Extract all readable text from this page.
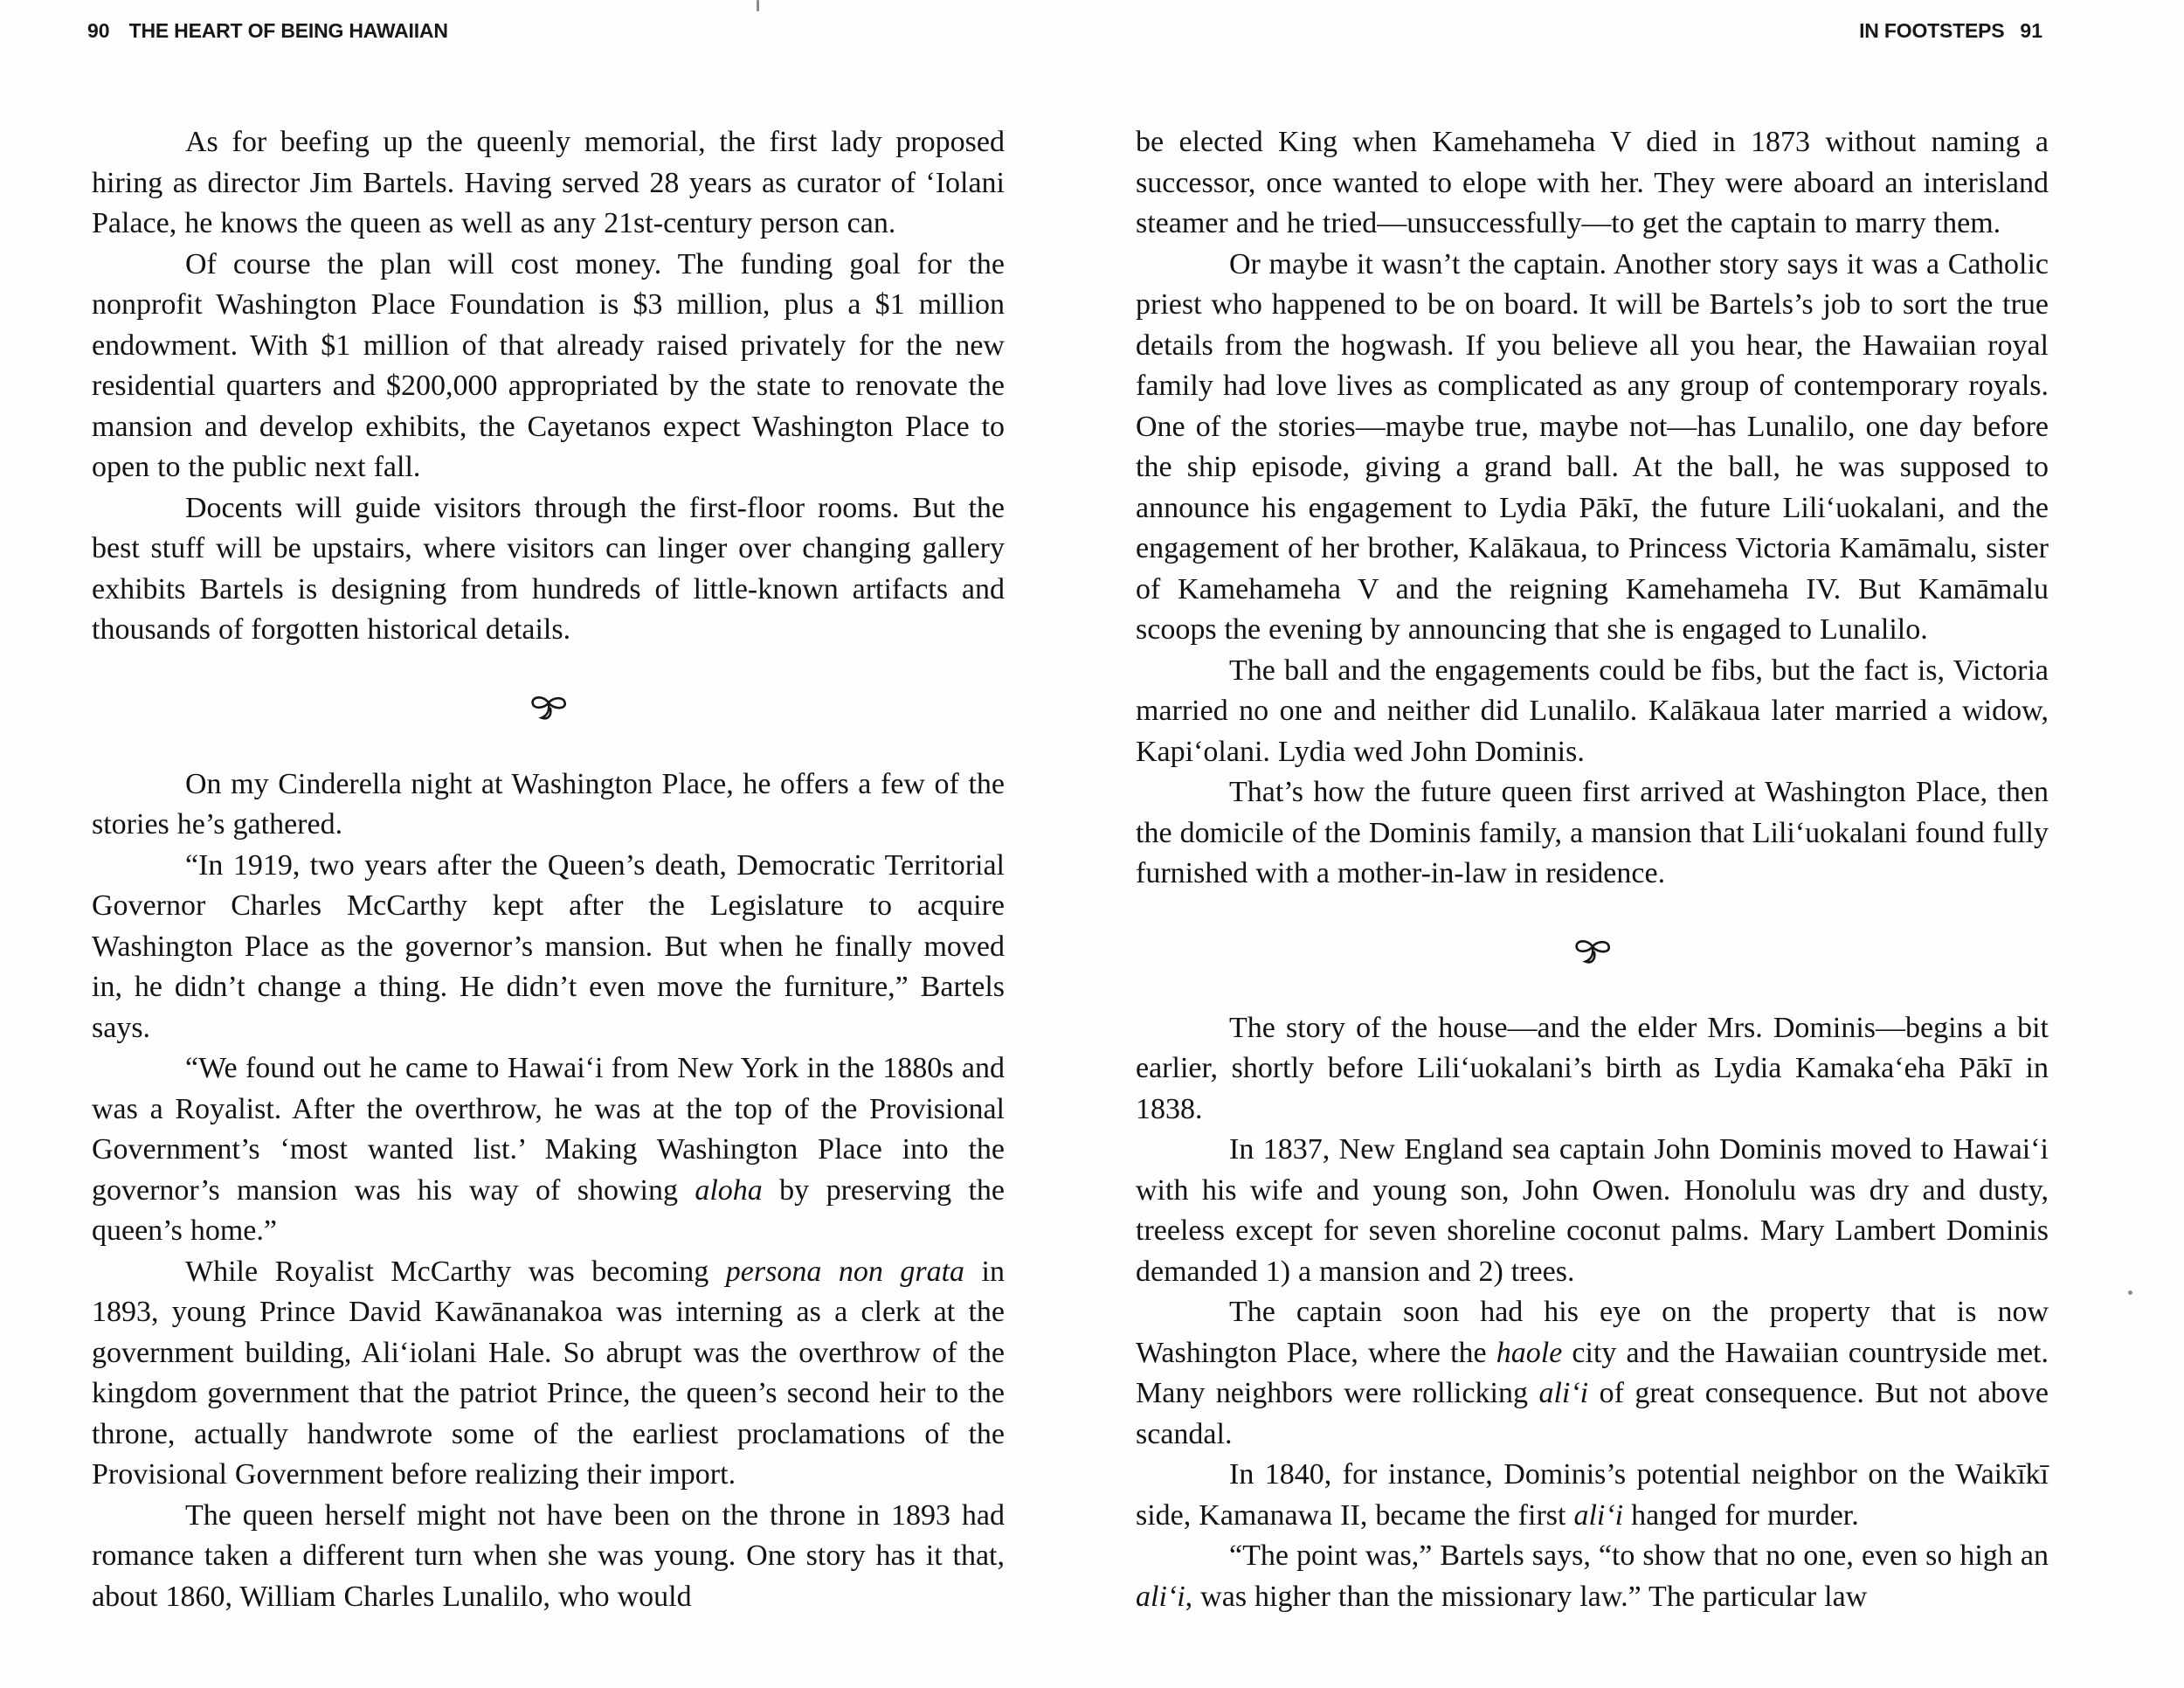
90 THE HEART OF BEING HAWAIIAN	IN FOOTSTEPS 91

As for beefing up the queenly memorial, the first lady proposed hiring as director Jim Bartels. Having served 28 years as curator of ‘Iolani Palace, he knows the queen as well as any 21st-century person can.

Of course the plan will cost money. The funding goal for the nonprofit Washington Place Foundation is $3 million, plus a $1 million endowment. With $1 million of that already raised privately for the new residential quarters and $200,000 appropriated by the state to renovate the mansion and develop exhibits, the Cayetanos expect Washington Place to open to the public next fall.

Docents will guide visitors through the first-floor rooms. But the best stuff will be upstairs, where visitors can linger over changing gallery exhibits Bartels is designing from hundreds of little-known artifacts and thousands of forgotten historical details.

On my Cinderella night at Washington Place, he offers a few of the stories he’s gathered.

“In 1919, two years after the Queen’s death, Democratic Territorial Governor Charles McCarthy kept after the Legislature to acquire Washington Place as the governor’s mansion. But when he finally moved in, he didn’t change a thing. He didn’t even move the furniture,” Bartels says.

“We found out he came to Hawai‘i from New York in the 1880s and was a Royalist. After the overthrow, he was at the top of the Provisional Government’s ‘most wanted list.’ Making Washington Place into the governor’s mansion was his way of showing aloha by preserving the queen’s home.”

While Royalist McCarthy was becoming persona non grata in 1893, young Prince David Kawānanakoa was interning as a clerk at the government building, Ali‘iolani Hale. So abrupt was the overthrow of the kingdom government that the patriot Prince, the queen’s second heir to the throne, actually handwrote some of the earliest proclamations of the Provisional Government before realizing their import.

The queen herself might not have been on the throne in 1893 had romance taken a different turn when she was young. One story has it that, about 1860, William Charles Lunalilo, who would

be elected King when Kamehameha V died in 1873 without naming a successor, once wanted to elope with her. They were aboard an interisland steamer and he tried—unsuccessfully—to get the captain to marry them.

Or maybe it wasn’t the captain. Another story says it was a Catholic priest who happened to be on board. It will be Bartels’s job to sort the true details from the hogwash. If you believe all you hear, the Hawaiian royal family had love lives as complicated as any group of contemporary royals. One of the stories—maybe true, maybe not—has Lunalilo, one day before the ship episode, giving a grand ball. At the ball, he was supposed to announce his engagement to Lydia Pākī, the future Lili‘uokalani, and the engagement of her brother, Kalākaua, to Princess Victoria Kamāmalu, sister of Kamehameha V and the reigning Kamehameha IV. But Kamāmalu scoops the evening by announcing that she is engaged to Lunalilo.

The ball and the engagements could be fibs, but the fact is, Victoria married no one and neither did Lunalilo. Kalākaua later married a widow, Kapi‘olani. Lydia wed John Dominis.

That’s how the future queen first arrived at Washington Place, then the domicile of the Dominis family, a mansion that Lili‘uokalani found fully furnished with a mother-in-law in residence.

The story of the house—and the elder Mrs. Dominis—begins a bit earlier, shortly before Lili‘uokalani’s birth as Lydia Kamaka‘eha Pākī in 1838.

In 1837, New England sea captain John Dominis moved to Hawai‘i with his wife and young son, John Owen. Honolulu was dry and dusty, treeless except for seven shoreline coconut palms. Mary Lambert Dominis demanded 1) a mansion and 2) trees.

The captain soon had his eye on the property that is now Washington Place, where the haole city and the Hawaiian countryside met. Many neighbors were rollicking ali‘i of great consequence. But not above scandal.

In 1840, for instance, Dominis’s potential neighbor on the Waikīkī side, Kamanawa II, became the first ali‘i hanged for murder.

“The point was,” Bartels says, “to show that no one, even so high an ali‘i, was higher than the missionary law.” The particular law
